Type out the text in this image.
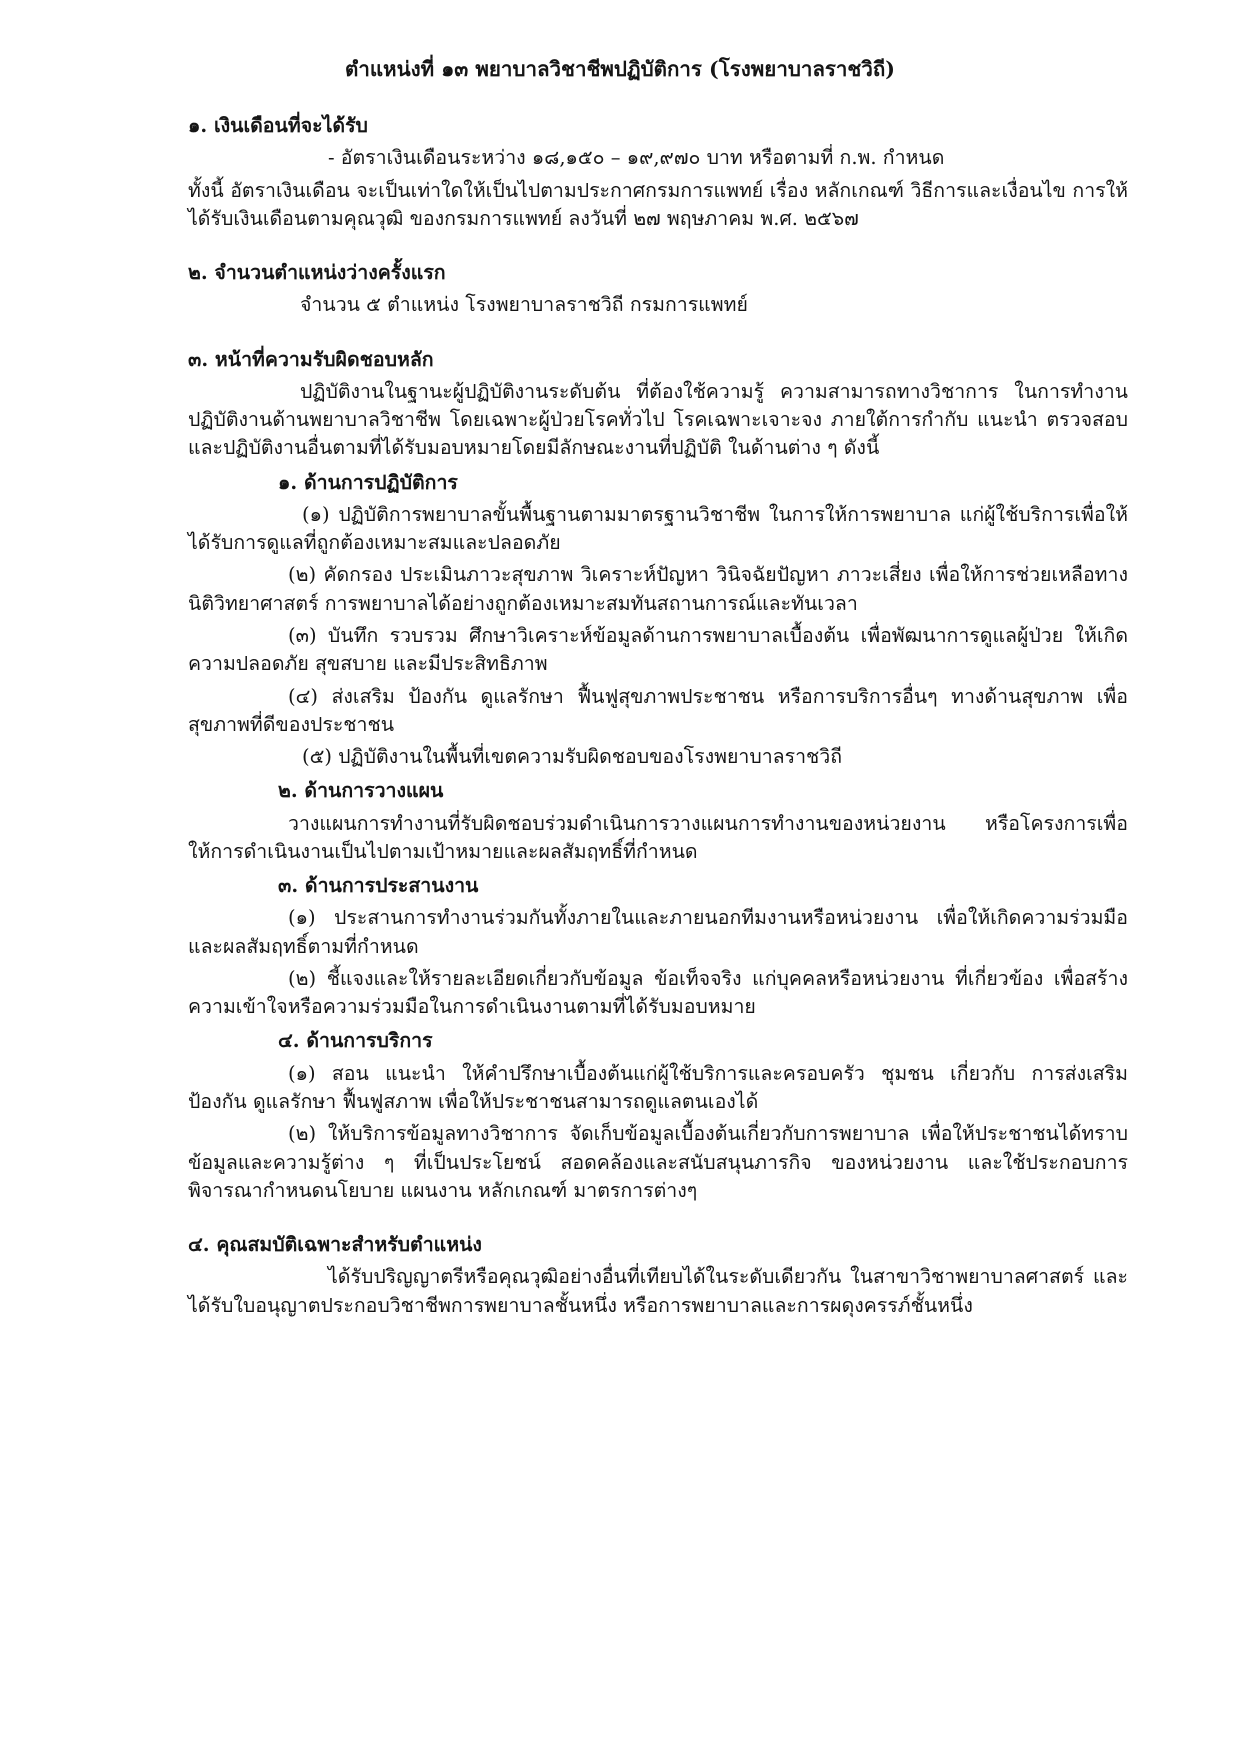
ตำแหน่งที่ ๑๓ พยาบาลวิชาชีพปฏิบัติการ (โรงพยาบาลราชวิถี)

๑. เงินเดือนที่จะได้รับ

- อัตราเงินเดือนระหว่าง ๑๘,๑๕๐ – ๑๙,๙๗๐ บาท หรือตามที่ ก.พ. กำหนด

ทั้งนี้ อัตราเงินเดือน จะเป็นเท่าใดให้เป็นไปตามประกาศกรมการแพทย์ เรื่อง หลักเกณฑ์ วิธีการและเงื่อนไข การให้ได้รับเงินเดือนตามคุณวุฒิ ของกรมการแพทย์ ลงวันที่ ๒๗ พฤษภาคม พ.ศ. ๒๕๖๗

๒. จำนวนตำแหน่งว่างครั้งแรก

จำนวน ๕ ตำแหน่ง โรงพยาบาลราชวิถี กรมการแพทย์

๓. หน้าที่ความรับผิดชอบหลัก

ปฏิบัติงานในฐานะผู้ปฏิบัติงานระดับต้น ที่ต้องใช้ความรู้ ความสามารถทางวิชาการ ในการทำงาน ปฏิบัติงานด้านพยาบาลวิชาชีพ โดยเฉพาะผู้ป่วยโรคทั่วไป โรคเฉพาะเจาะจง ภายใต้การกำกับ แนะนำ ตรวจสอบ และปฏิบัติงานอื่นตามที่ได้รับมอบหมายโดยมีลักษณะงานที่ปฏิบัติ ในด้านต่าง ๆ ดังนี้

๑. ด้านการปฏิบัติการ

(๑) ปฏิบัติการพยาบาลขั้นพื้นฐานตามมาตรฐานวิชาชีพ ในการให้การพยาบาล แก่ผู้ใช้บริการเพื่อให้ได้รับการดูแลที่ถูกต้องเหมาะสมและปลอดภัย

(๒) คัดกรอง ประเมินภาวะสุขภาพ วิเคราะห์ปัญหา วินิจฉัยปัญหา ภาวะเสี่ยง เพื่อให้การช่วยเหลือทางนิติวิทยาศาสตร์ การพยาบาลได้อย่างถูกต้องเหมาะสมทันสถานการณ์และทันเวลา

(๓) บันทึก รวบรวม ศึกษาวิเคราะห์ข้อมูลด้านการพยาบาลเบื้องต้น เพื่อพัฒนาการดูแลผู้ป่วย ให้เกิดความปลอดภัย สุขสบาย และมีประสิทธิภาพ

(๔) ส่งเสริม ป้องกัน ดูแลรักษา ฟื้นฟูสุขภาพประชาชน หรือการบริการอื่นๆ ทางด้านสุขภาพ เพื่อสุขภาพที่ดีของประชาชน

(๕) ปฏิบัติงานในพื้นที่เขตความรับผิดชอบของโรงพยาบาลราชวิถี

๒. ด้านการวางแผน

วางแผนการทำงานที่รับผิดชอบร่วมดำเนินการวางแผนการทำงานของหน่วยงาน หรือโครงการเพื่อให้การดำเนินงานเป็นไปตามเป้าหมายและผลสัมฤทธิ์ที่กำหนด

๓. ด้านการประสานงาน

(๑) ประสานการทำงานร่วมกันทั้งภายในและภายนอกทีมงานหรือหน่วยงาน เพื่อให้เกิดความร่วมมือและผลสัมฤทธิ์ตามที่กำหนด

(๒) ชี้แจงและให้รายละเอียดเกี่ยวกับข้อมูล ข้อเท็จจริง แก่บุคคลหรือหน่วยงาน ที่เกี่ยวข้อง เพื่อสร้างความเข้าใจหรือความร่วมมือในการดำเนินงานตามที่ได้รับมอบหมาย

๔. ด้านการบริการ

(๑) สอน แนะนำ ให้คำปรึกษาเบื้องต้นแก่ผู้ใช้บริการและครอบครัว ชุมชน เกี่ยวกับ การส่งเสริม ป้องกัน ดูแลรักษา ฟื้นฟูสภาพ เพื่อให้ประชาชนสามารถดูแลตนเองได้

(๒) ให้บริการข้อมูลทางวิชาการ จัดเก็บข้อมูลเบื้องต้นเกี่ยวกับการพยาบาล เพื่อให้ประชาชนได้ทราบข้อมูลและความรู้ต่าง ๆ ที่เป็นประโยชน์ สอดคล้องและสนับสนุนภารกิจ ของหน่วยงาน และใช้ประกอบการพิจารณากำหนดนโยบาย แผนงาน หลักเกณฑ์ มาตรการต่างๆ

๔. คุณสมบัติเฉพาะสำหรับตำแหน่ง

ได้รับปริญญาตรีหรือคุณวุฒิอย่างอื่นที่เทียบได้ในระดับเดียวกัน ในสาขาวิชาพยาบาลศาสตร์ และได้รับใบอนุญาตประกอบวิชาชีพการพยาบาลชั้นหนึ่ง หรือการพยาบาลและการผดุงครรภ์ชั้นหนึ่ง
